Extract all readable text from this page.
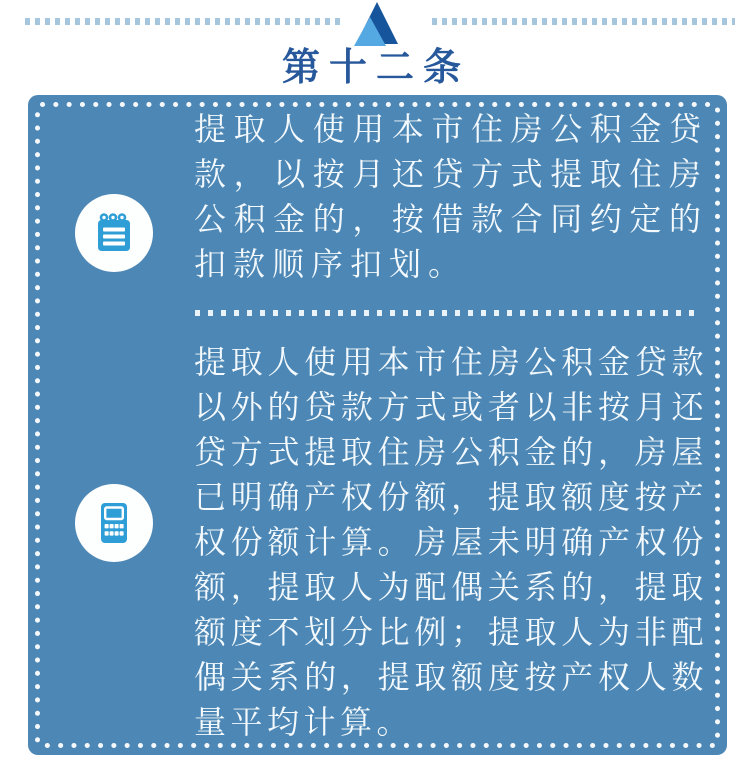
第十二条
提取人使用本市住房公积金贷款，以按月还贷方式提取住房公积金的，按借款合同约定的扣款顺序扣划。
提取人使用本市住房公积金贷款以外的贷款方式或者以非按月还贷方式提取住房公积金的，房屋已明确产权份额，提取额度按产权份额计算。房屋未明确产权份额，提取人为配偶关系的，提取额度不划分比例；提取人为非配偶关系的，提取额度按产权人数量平均计算。
